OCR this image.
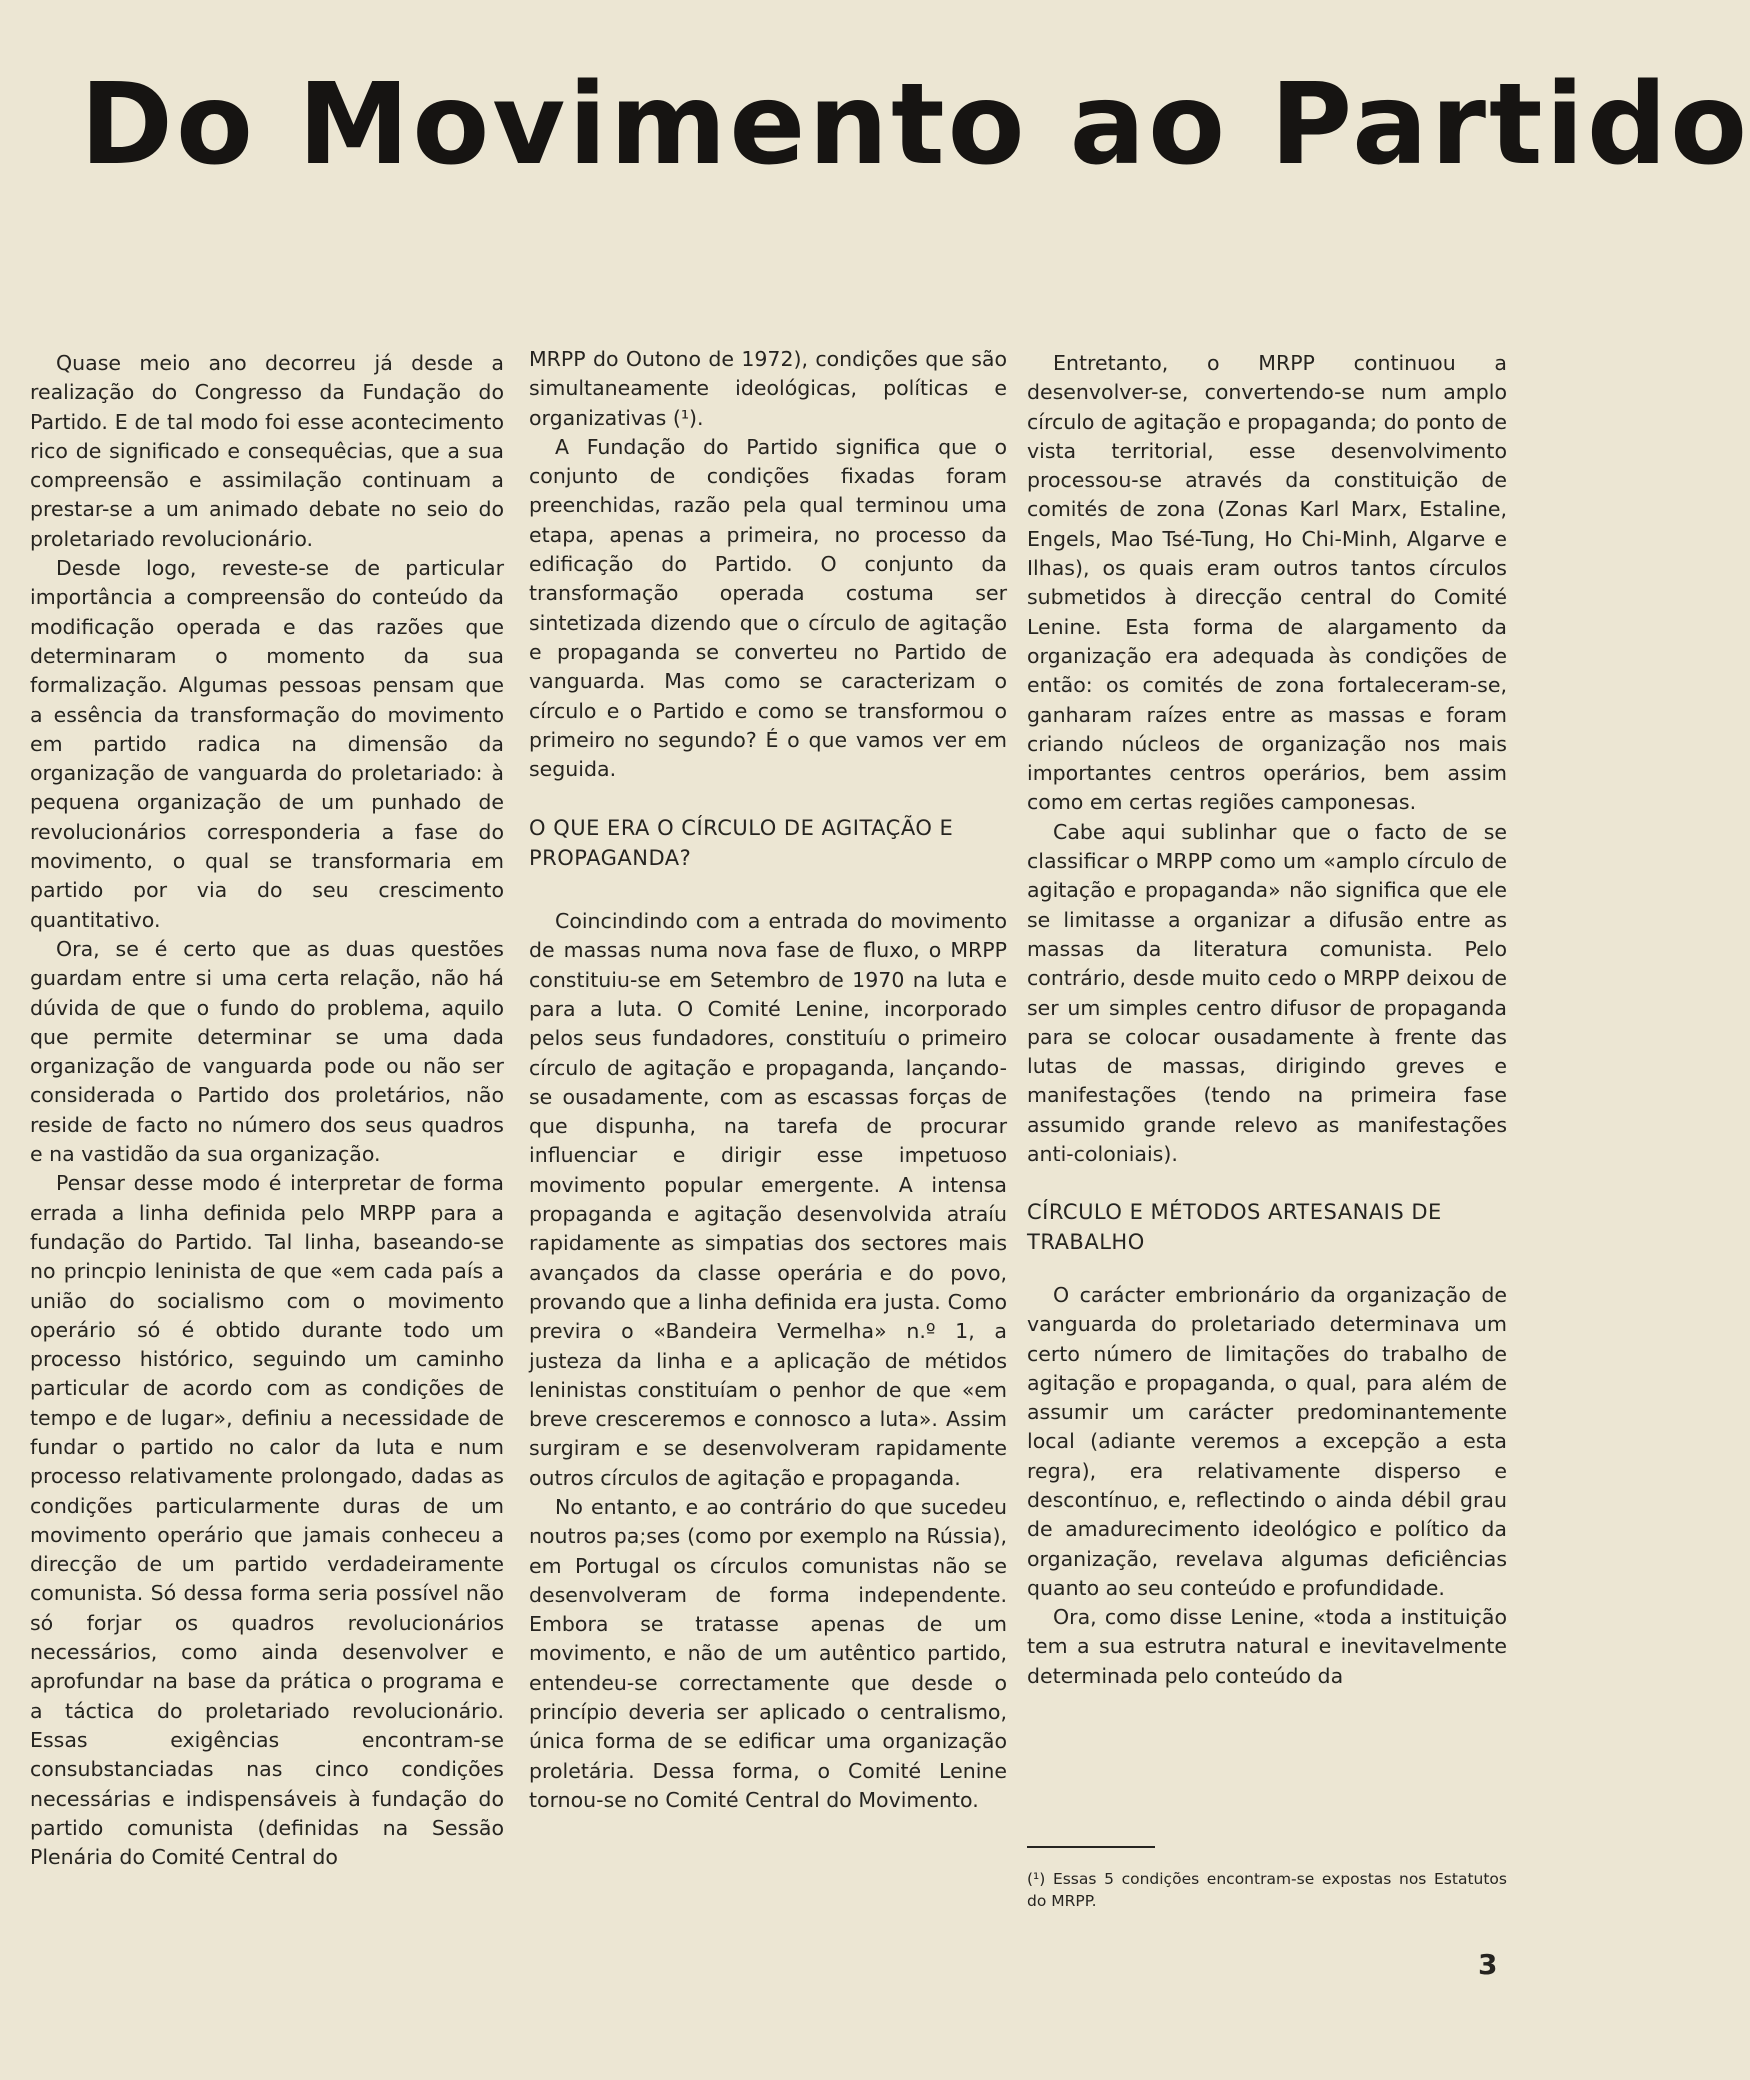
Do Movimento ao Partido

Quase meio ano decorreu já desde a realização do Congresso da Fundação do Partido. E de tal modo foi esse acontecimento rico de significado e consequêcias, que a sua compreensão e assimilação continuam a prestar-se a um animado debate no seio do proletariado revolucionário.

Desde logo, reveste-se de particular importância a compreensão do conteúdo da modificação operada e das razões que determinaram o momento da sua formalização. Algumas pessoas pensam que a essência da transformação do movimento em partido radica na dimensão da organização de vanguarda do proletariado: à pequena organização de um punhado de revolucionários corresponderia a fase do movimento, o qual se transformaria em partido por via do seu crescimento quantitativo.

Ora, se é certo que as duas questões guardam entre si uma certa relação, não há dúvida de que o fundo do problema, aquilo que permite determinar se uma dada organização de vanguarda pode ou não ser considerada o Partido dos proletários, não reside de facto no número dos seus quadros e na vastidão da sua organização.

Pensar desse modo é interpretar de forma errada a linha definida pelo MRPP para a fundação do Partido. Tal linha, baseando-se no princpio leninista de que «em cada país a união do socialismo com o movimento operário só é obtido durante todo um processo histórico, seguindo um caminho particular de acordo com as condições de tempo e de lugar», definiu a necessidade de fundar o partido no calor da luta e num processo relativamente prolongado, dadas as condições particularmente duras de um movimento operário que jamais conheceu a direcção de um partido verdadeiramente comunista. Só dessa forma seria possível não só forjar os quadros revolucionários necessários, como ainda desenvolver e aprofundar na base da prática o programa e a táctica do proletariado revolucionário. Essas exigências encontram-se consubstanciadas nas cinco condições necessárias e indispensáveis à fundação do partido comunista (definidas na Sessão Plenária do Comité Central do

MRPP do Outono de 1972), condições que são simultaneamente ideológicas, políticas e organizativas (¹).

A Fundação do Partido significa que o conjunto de condições fixadas foram preenchidas, razão pela qual terminou uma etapa, apenas a primeira, no processo da edificação do Partido. O conjunto da transformação operada costuma ser sintetizada dizendo que o círculo de agitação e propaganda se converteu no Partido de vanguarda. Mas como se caracterizam o círculo e o Partido e como se transformou o primeiro no segundo? É o que vamos ver em seguida.

O QUE ERA O CÍRCULO DE AGITAÇÃO E PROPAGANDA?

Coincindindo com a entrada do movimento de massas numa nova fase de fluxo, o MRPP constituiu-se em Setembro de 1970 na luta e para a luta. O Comité Lenine, incorporado pelos seus fundadores, constituíu o primeiro círculo de agitação e propaganda, lançando-se ousadamente, com as escassas forças de que dispunha, na tarefa de procurar influenciar e dirigir esse impetuoso movimento popular emergente. A intensa propaganda e agitação desenvolvida atraíu rapidamente as simpatias dos sectores mais avançados da classe operária e do povo, provando que a linha definida era justa. Como previra o «Bandeira Vermelha» n.º 1, a justeza da linha e a aplicação de métidos leninistas constituíam o penhor de que «em breve cresceremos e connosco a luta». Assim surgiram e se desenvolveram rapidamente outros círculos de agitação e propaganda.

No entanto, e ao contrário do que sucedeu noutros pa;ses (como por exemplo na Rússia), em Portugal os círculos comunistas não se desenvolveram de forma independente. Embora se tratasse apenas de um movimento, e não de um autêntico partido, entendeu-se correctamente que desde o princípio deveria ser aplicado o centralismo, única forma de se edificar uma organização proletária. Dessa forma, o Comité Lenine tornou-se no Comité Central do Movimento.

Entretanto, o MRPP continuou a desenvolver-se, convertendo-se num amplo círculo de agitação e propaganda; do ponto de vista territorial, esse desenvolvimento processou-se através da constituição de comités de zona (Zonas Karl Marx, Estaline, Engels, Mao Tsé-Tung, Ho Chi-Minh, Algarve e Ilhas), os quais eram outros tantos círculos submetidos à direcção central do Comité Lenine. Esta forma de alargamento da organização era adequada às condições de então: os comités de zona fortaleceram-se, ganharam raízes entre as massas e foram criando núcleos de organização nos mais importantes centros operários, bem assim como em certas regiões camponesas.

Cabe aqui sublinhar que o facto de se classificar o MRPP como um «amplo círculo de agitação e propaganda» não significa que ele se limitasse a organizar a difusão entre as massas da literatura comunista. Pelo contrário, desde muito cedo o MRPP deixou de ser um simples centro difusor de propaganda para se colocar ousadamente à frente das lutas de massas, dirigindo greves e manifestações (tendo na primeira fase assumido grande relevo as manifestações anti-coloniais).

CÍRCULO E MÉTODOS ARTESANAIS DE TRABALHO

O carácter embrionário da organização de vanguarda do proletariado determinava um certo número de limitações do trabalho de agitação e propaganda, o qual, para além de assumir um carácter predominantemente local (adiante veremos a excepção a esta regra), era relativamente disperso e descontínuo, e, reflectindo o ainda débil grau de amadurecimento ideológico e político da organização, revelava algumas deficiências quanto ao seu conteúdo e profundidade.

Ora, como disse Lenine, «toda a instituição tem a sua estrutra natural e inevitavelmente determinada pelo conteúdo da

(¹) Essas 5 condições encontram-se expostas nos Estatutos do MRPP.
3
